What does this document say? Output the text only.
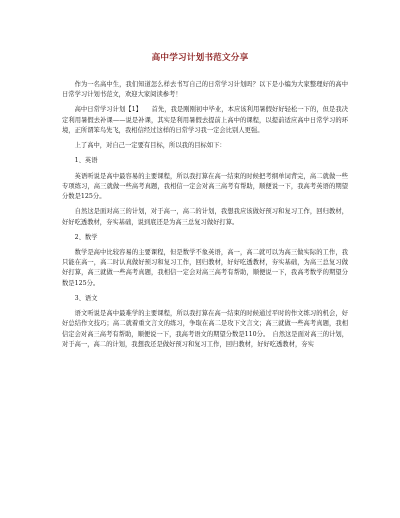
高中学习计划书范文分享

作为一名高中生，我们知道怎么样去书写自己的日常学习计划吗？以下是小编为大家整理好的高中日常学习计划书范文，欢迎大家阅读参考！

高中日常学习计划【1】　　首先，我是刚刚初中毕业，本应该利用暑假好好轻松一下的，但是我决定利用暑假去补课——说是补课，其实是利用暑假去提前上高中的课程，以提前适应高中日常学习的环境，正所谓笨鸟先飞，我相信经过这样的日常学习我一定会比别人更强。

上了高中，对自己一定要有目标，所以我的目标如下：

1、英语

英语听说是高中最容易的主要课程，所以我打算在高一结束的时候把考纲单词背完，高二就做一些专项练习，高三就做一些高考真题，我相信一定会对高三高考有帮助，顺便说一下，我高考英语的期望分数是125分。

自然这是面对高三的计划，对于高一，高二的计划，我想我应该做好预习和复习工作，回归教材，好好吃透教材，夯实基础，说到底还是为高三总复习做好打算。

2、数学

数学是高中比较容易的主要课程，但是数学不象英语，高一，高二就可以为高三做实际的工作，我只能在高一，高二时认真做好预习和复习工作，回归教材，好好吃透教材，夯实基础，为高三总复习做好打算，高三就做一些高考真题，我相信一定会对高三高考有帮助，顺便说一下，我高考数学的期望分数是125分。

3、语文

语文听说是高中最难学的主要课程，所以我打算在高一结束的时候通过平时的作文练习的机会，好好总结作文技巧；高二就着重文言文的练习，争取在高二是攻下文言文；高三就做一些高考真题，我相信定会对高三高考有帮助，顺便说一下，我高考语文的期望分数是110分。　自然这是面对高三的计划，对于高一，高二的计划，我想我还是做好预习和复习工作，回归教材，好好吃透教材，夯实
